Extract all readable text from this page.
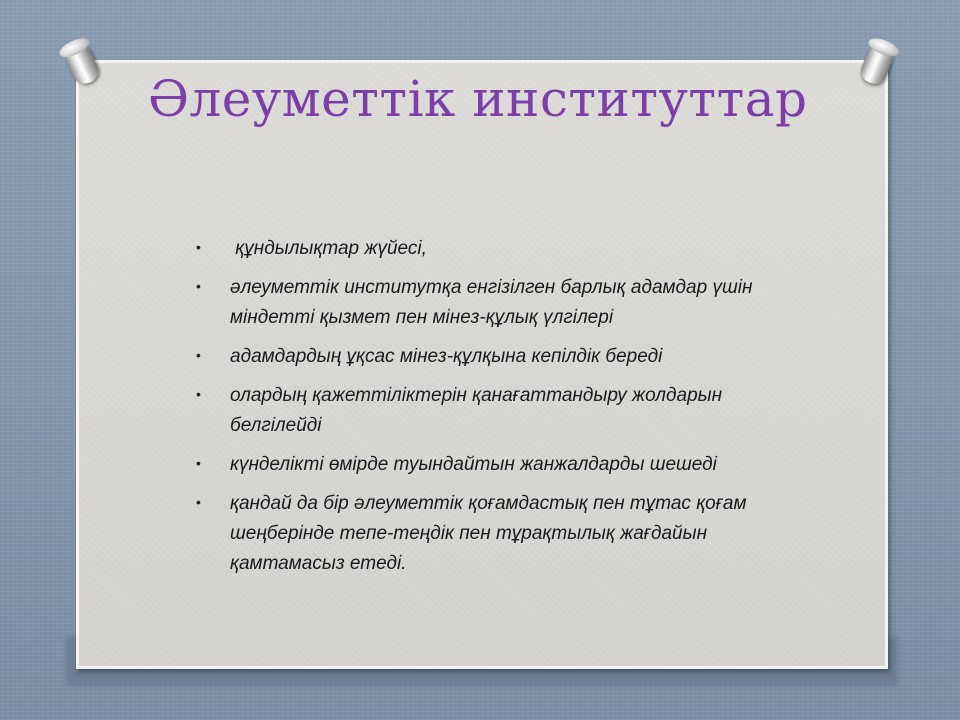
Әлеуметтік институттар
• құндылықтар жүйесі,
• әлеуметтік институтқа енгізілген барлық адамдар үшін міндетті қызмет пен мінез-құлық үлгілері
• адамдардың ұқсас мінез-құлқына кепілдік береді
• олардың қажеттіліктерін қанағаттандыру жолдарын белгілейді
• күнделікті өмірде туындайтын жанжалдарды шешеді
• қандай да бір әлеуметтік қоғамдастық пен тұтас қоғам шеңберінде тепе-теңдік пен тұрақтылық жағдайын қамтамасыз етеді.
